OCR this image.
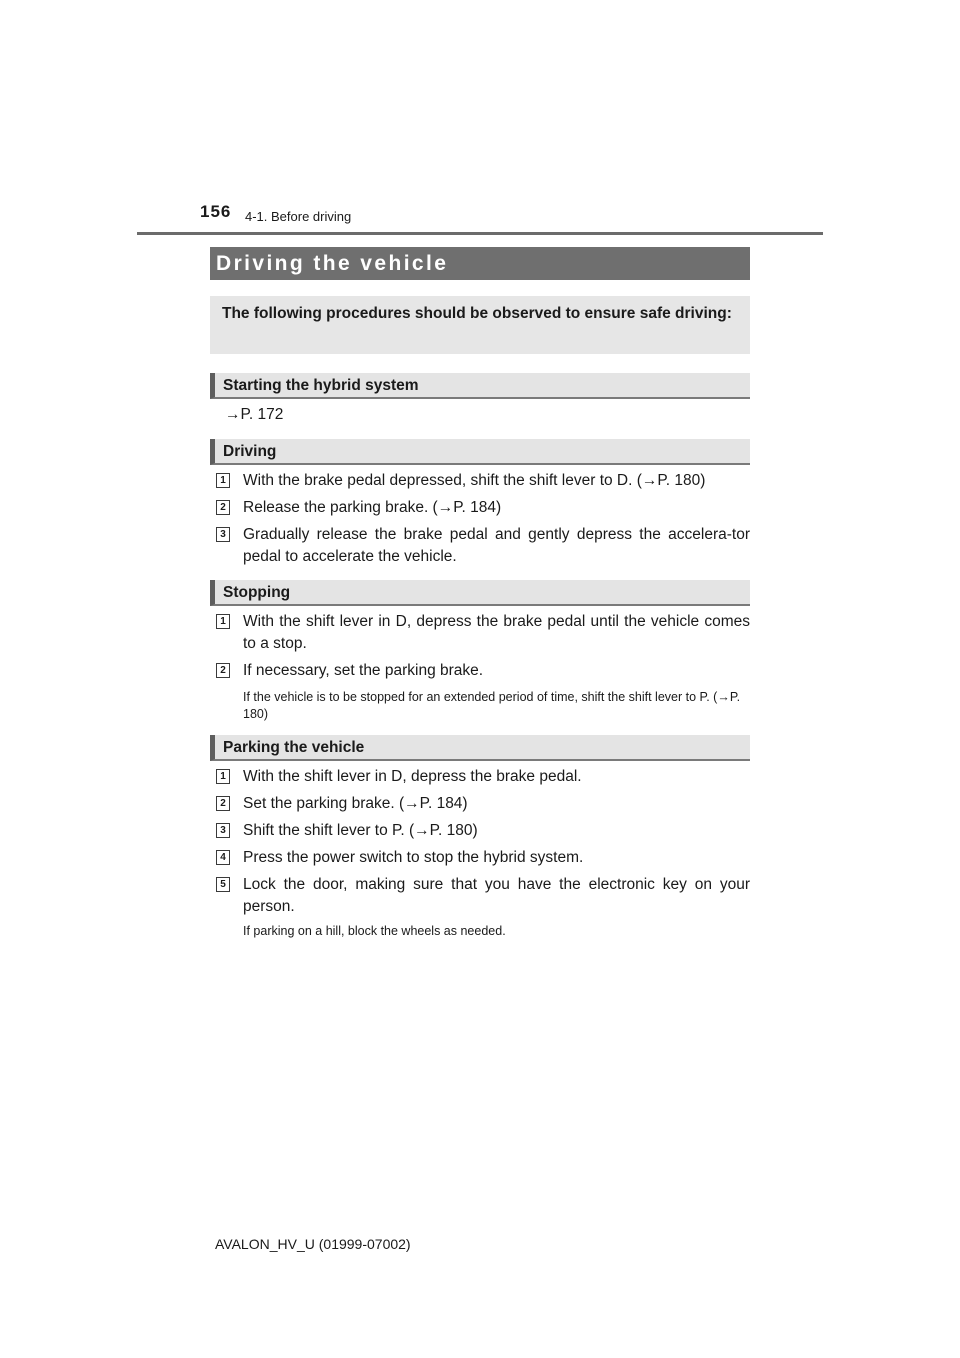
156 4-1. Before driving
Driving the vehicle
The following procedures should be observed to ensure safe driving:
Starting the hybrid system
→P. 172
Driving
1 With the brake pedal depressed, shift the shift lever to D. (→P. 180)
2 Release the parking brake. (→P. 184)
3 Gradually release the brake pedal and gently depress the accelera-tor pedal to accelerate the vehicle.
Stopping
1 With the shift lever in D, depress the brake pedal until the vehicle comes to a stop.
2 If necessary, set the parking brake.
If the vehicle is to be stopped for an extended period of time, shift the shift lever to P. (→P. 180)
Parking the vehicle
1 With the shift lever in D, depress the brake pedal.
2 Set the parking brake. (→P. 184)
3 Shift the shift lever to P. (→P. 180)
4 Press the power switch to stop the hybrid system.
5 Lock the door, making sure that you have the electronic key on your person.
If parking on a hill, block the wheels as needed.
AVALON_HV_U (01999-07002)
